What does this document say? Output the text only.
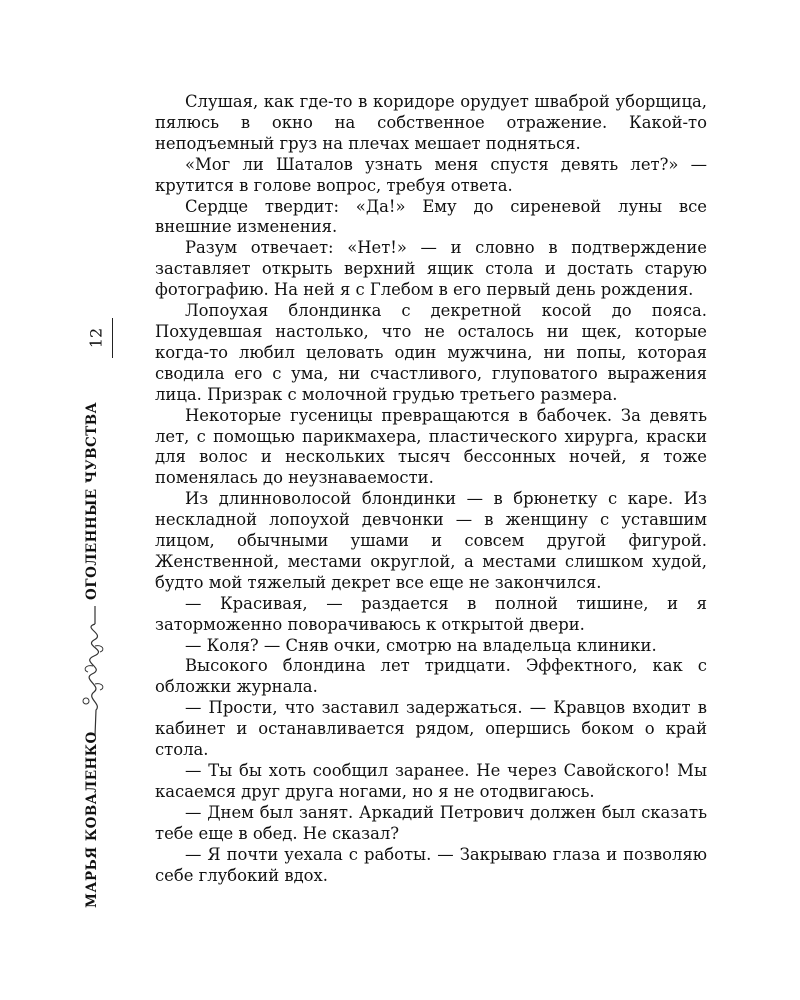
12
ОГОЛЕННЫЕ ЧУВСТВА
МАРЬЯ КОВАЛЕНКО

Слушая, как где-то в коридоре орудует шваброй уборщица, пялюсь в окно на собственное отражение. Какой-то неподъемный груз на плечах мешает подняться.

«Мог ли Шаталов узнать меня спустя девять лет?» — крутится в голове вопрос, требуя ответа.

Сердце твердит: «Да!» Ему до сиреневой луны все внешние изменения.

Разум отвечает: «Нет!» — и словно в подтверждение заставляет открыть верхний ящик стола и достать старую фотографию. На ней я с Глебом в его первый день рождения.

Лопоухая блондинка с декретной косой до пояса. Похудевшая настолько, что не осталось ни щек, которые когда-то любил целовать один мужчина, ни попы, которая сводила его с ума, ни счастливого, глуповатого выражения лица. Призрак с молочной грудью третьего размера.

Некоторые гусеницы превращаются в бабочек. За девять лет, с помощью парикмахера, пластического хирурга, краски для волос и нескольких тысяч бессонных ночей, я тоже поменялась до неузнаваемости.

Из длинноволосой блондинки — в брюнетку с каре. Из нескладной лопоухой девчонки — в женщину с уставшим лицом, обычными ушами и совсем другой фигурой. Женственной, местами округлой, а местами слишком худой, будто мой тяжелый декрет все еще не закончился.

— Красивая, — раздается в полной тишине, и я заторможенно поворачиваюсь к открытой двери.

— Коля? — Сняв очки, смотрю на владельца клиники.

Высокого блондина лет тридцати. Эффектного, как с обложки журнала.

— Прости, что заставил задержаться. — Кравцов входит в кабинет и останавливается рядом, опершись боком о край стола.

— Ты бы хоть сообщил заранее. Не через Савойского! Мы касаемся друг друга ногами, но я не отодвигаюсь.

— Днем был занят. Аркадий Петрович должен был сказать тебе еще в обед. Не сказал?

— Я почти уехала с работы. — Закрываю глаза и позволяю себе глубокий вдох.
